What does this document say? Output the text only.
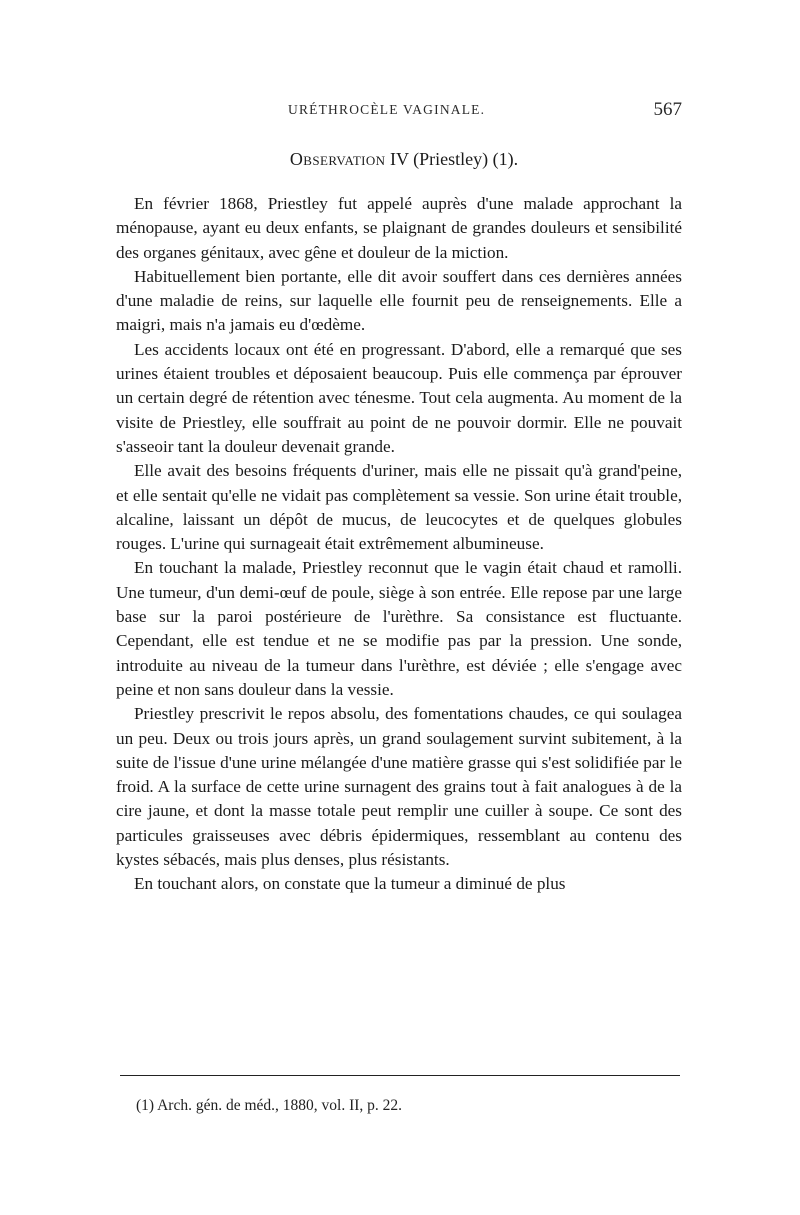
URÉTHROCÈLE VAGINALE.	567
Observation IV (Priestley) (1).

En février 1868, Priestley fut appelé auprès d'une malade approchant la ménopause, ayant eu deux enfants, se plaignant de grandes douleurs et sensibilité des organes génitaux, avec gêne et douleur de la miction.

Habituellement bien portante, elle dit avoir souffert dans ces dernières années d'une maladie de reins, sur laquelle elle fournit peu de renseignements. Elle a maigri, mais n'a jamais eu d'œdème.

Les accidents locaux ont été en progressant. D'abord, elle a remarqué que ses urines étaient troubles et déposaient beaucoup. Puis elle commença par éprouver un certain degré de rétention avec ténesme. Tout cela augmenta. Au moment de la visite de Priestley, elle souffrait au point de ne pouvoir dormir. Elle ne pouvait s'asseoir tant la douleur devenait grande.

Elle avait des besoins fréquents d'uriner, mais elle ne pissait qu'à grand'peine, et elle sentait qu'elle ne vidait pas complètement sa vessie. Son urine était trouble, alcaline, laissant un dépôt de mucus, de leucocytes et de quelques globules rouges. L'urine qui surnageait était extrêmement albumineuse.

En touchant la malade, Priestley reconnut que le vagin était chaud et ramolli. Une tumeur, d'un demi-œuf de poule, siège à son entrée. Elle repose par une large base sur la paroi postérieure de l'urèthre. Sa consistance est fluctuante. Cependant, elle est tendue et ne se modifie pas par la pression. Une sonde, introduite au niveau de la tumeur dans l'urèthre, est déviée ; elle s'engage avec peine et non sans douleur dans la vessie.

Priestley prescrivit le repos absolu, des fomentations chaudes, ce qui soulagea un peu. Deux ou trois jours après, un grand soulagement survint subitement, à la suite de l'issue d'une urine mélangée d'une matière grasse qui s'est solidifiée par le froid. A la surface de cette urine surnagent des grains tout à fait analogues à de la cire jaune, et dont la masse totale peut remplir une cuiller à soupe. Ce sont des particules graisseuses avec débris épidermiques, ressemblant au contenu des kystes sébacés, mais plus denses, plus résistants.

En touchant alors, on constate que la tumeur a diminué de plus

(1) Arch. gén. de méd., 1880, vol. II, p. 22.
